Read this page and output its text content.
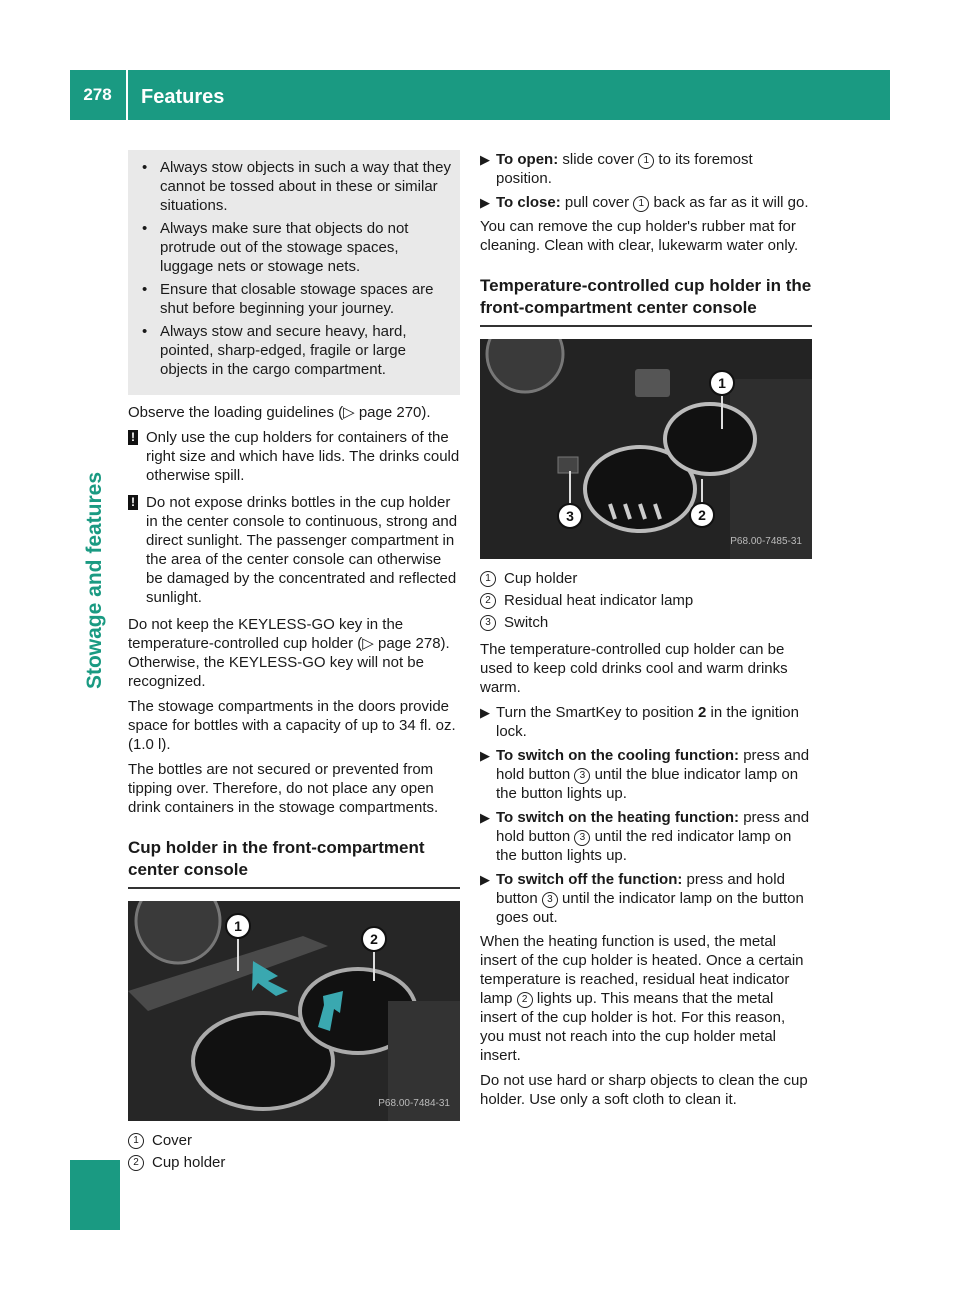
278	Features
Stowage and features
• Always stow objects in such a way that they cannot be tossed about in these or similar situations.
• Always make sure that objects do not protrude out of the stowage spaces, luggage nets or stowage nets.
• Ensure that closable stowage spaces are shut before beginning your journey.
• Always stow and secure heavy, hard, pointed, sharp-edged, fragile or large objects in the cargo compartment.

Observe the loading guidelines (▷ page 270).

! Only use the cup holders for containers of the right size and which have lids. The drinks could otherwise spill.
! Do not expose drinks bottles in the cup holder in the center console to continuous, strong and direct sunlight. The passenger compartment in the area of the center console can otherwise be damaged by the concentrated and reflected sunlight.

Do not keep the KEYLESS-GO key in the temperature-controlled cup holder (▷ page 278). Otherwise, the KEYLESS-GO key will not be recognized.

The stowage compartments in the doors provide space for bottles with a capacity of up to 34 fl. oz. (1.0 l).

The bottles are not secured or prevented from tipping over. Therefore, do not place any open drink containers in the stowage compartments.

Cup holder in the front-compartment center console
1
2
P68.00-7484-31
1 Cover
2 Cup holder
▶ To open: slide cover 1 to its foremost position.
▶ To close: pull cover 1 back as far as it will go.

You can remove the cup holder's rubber mat for cleaning. Clean with clear, lukewarm water only.

Temperature-controlled cup holder in the front-compartment center console
1
3	2
P68.00-7485-31
1 Cup holder
2 Residual heat indicator lamp
3 Switch

The temperature-controlled cup holder can be used to keep cold drinks cool and warm drinks warm.

▶ Turn the SmartKey to position 2 in the ignition lock.
▶ To switch on the cooling function: press and hold button 3 until the blue indicator lamp on the button lights up.
▶ To switch on the heating function: press and hold button 3 until the red indicator lamp on the button lights up.
▶ To switch off the function: press and hold button 3 until the indicator lamp on the button goes out.

When the heating function is used, the metal insert of the cup holder is heated. Once a certain temperature is reached, residual heat indicator lamp 2 lights up. This means that the metal insert of the cup holder is hot. For this reason, you must not reach into the cup holder metal insert.

Do not use hard or sharp objects to clean the cup holder. Use only a soft cloth to clean it.
